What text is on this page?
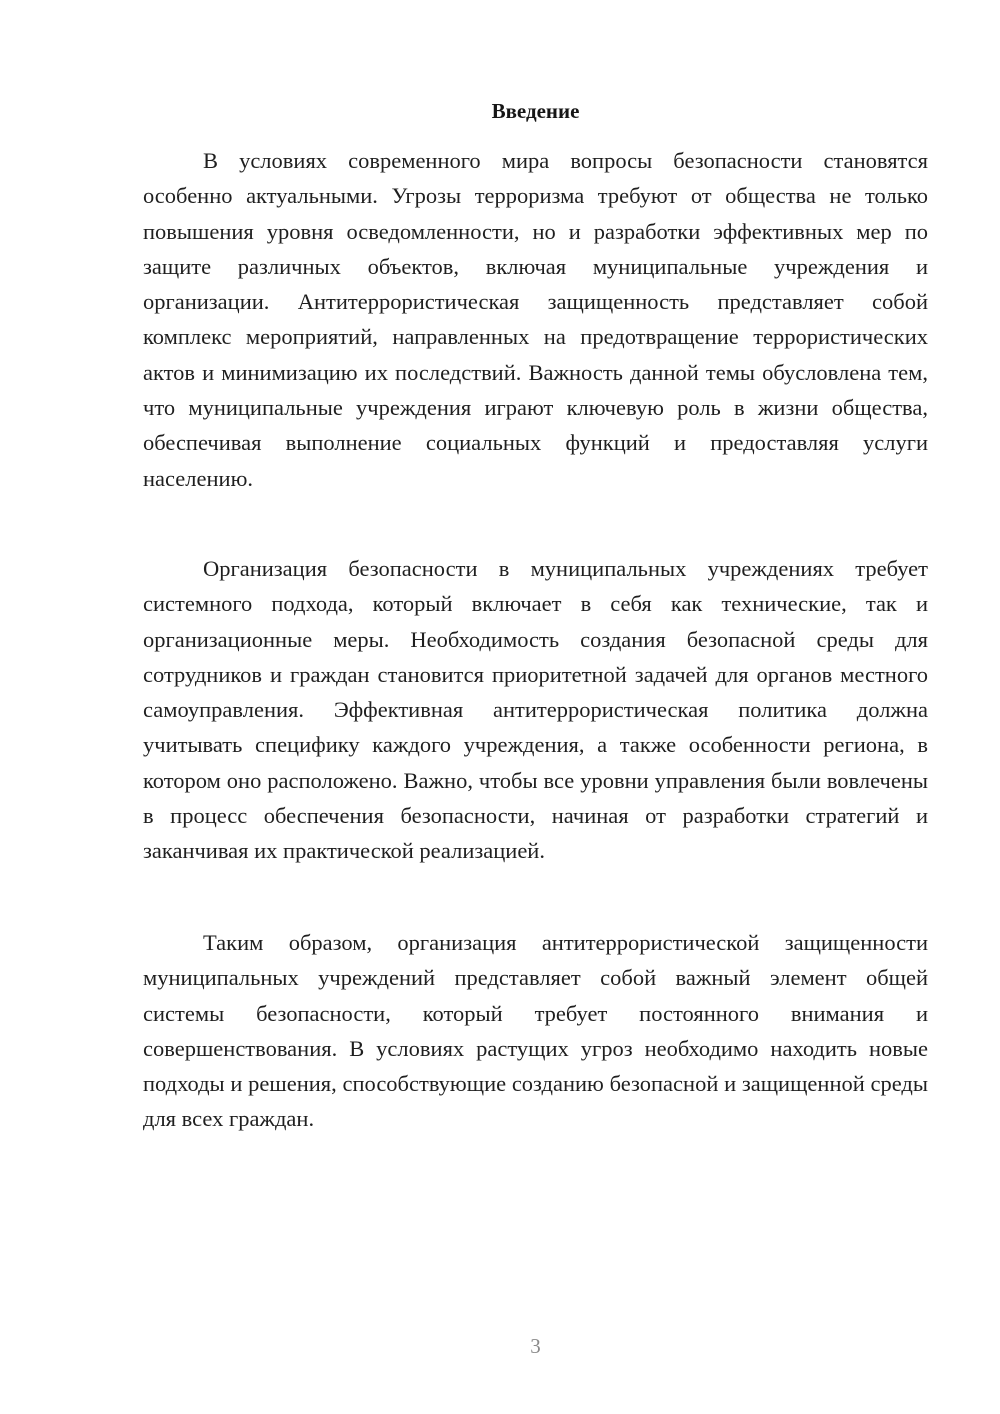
Введение

В условиях современного мира вопросы безопасности становятся особенно актуальными. Угрозы терроризма требуют от общества не только повышения уровня осведомленности, но и разработки эффективных мер по защите различных объектов, включая муниципальные учреждения и организации. Антитеррористическая защищенность представляет собой комплекс мероприятий, направленных на предотвращение террористических актов и минимизацию их последствий. Важность данной темы обусловлена тем, что муниципальные учреждения играют ключевую роль в жизни общества, обеспечивая выполнение социальных функций и предоставляя услуги населению.

Организация безопасности в муниципальных учреждениях требует системного подхода, который включает в себя как технические, так и организационные меры. Необходимость создания безопасной среды для сотрудников и граждан становится приоритетной задачей для органов местного самоуправления. Эффективная антитеррористическая политика должна учитывать специфику каждого учреждения, а также особенности региона, в котором оно расположено. Важно, чтобы все уровни управления были вовлечены в процесс обеспечения безопасности, начиная от разработки стратегий и заканчивая их практической реализацией.

Таким образом, организация антитеррористической защищенности муниципальных учреждений представляет собой важный элемент общей системы безопасности, который требует постоянного внимания и совершенствования. В условиях растущих угроз необходимо находить новые подходы и решения, способствующие созданию безопасной и защищенной среды для всех граждан.

3
